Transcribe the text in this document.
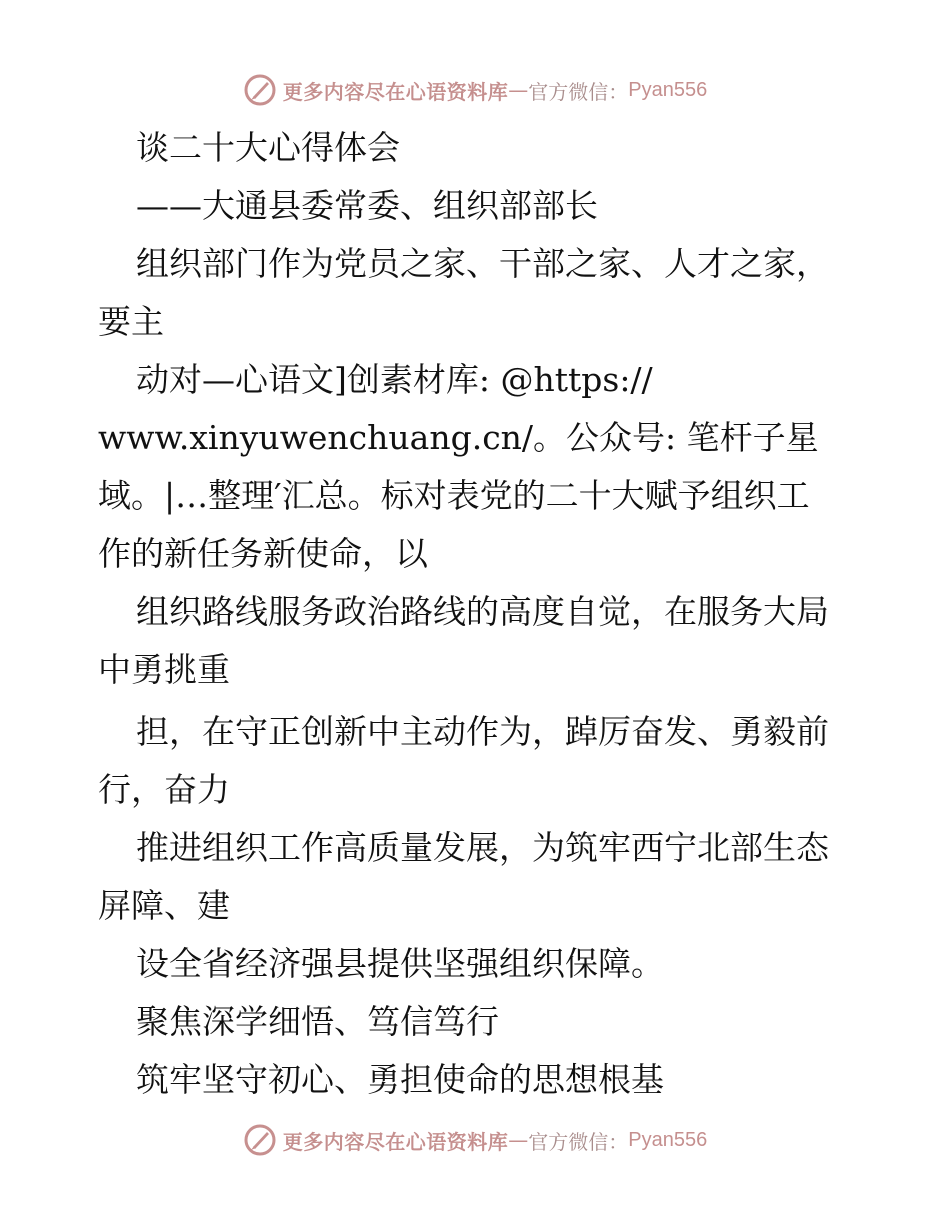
更多内容尽在心语资料库 — 官方微信： Pyan556
谈二十大心得体会
——大通县委常委、组织部部长
组织部门作为党员之家、干部之家、人才之家，
要主
动对—心语文]创素材库: @https://
www.xinyuwenchuang.cn/。公众号: 笔杆子星
域。|…整理′汇总。标对表党的二十大赋予组织工
作的新任务新使命，以
组织路线服务政治路线的高度自觉，在服务大局
中勇挑重
担，在守正创新中主动作为，踔厉奋发、勇毅前
行，奋力
推进组织工作高质量发展，为筑牢西宁北部生态
屏障、建
设全省经济强县提供坚强组织保障。
聚焦深学细悟、笃信笃行
筑牢坚守初心、勇担使命的思想根基
更多内容尽在心语资料库 — 官方微信： Pyan556
